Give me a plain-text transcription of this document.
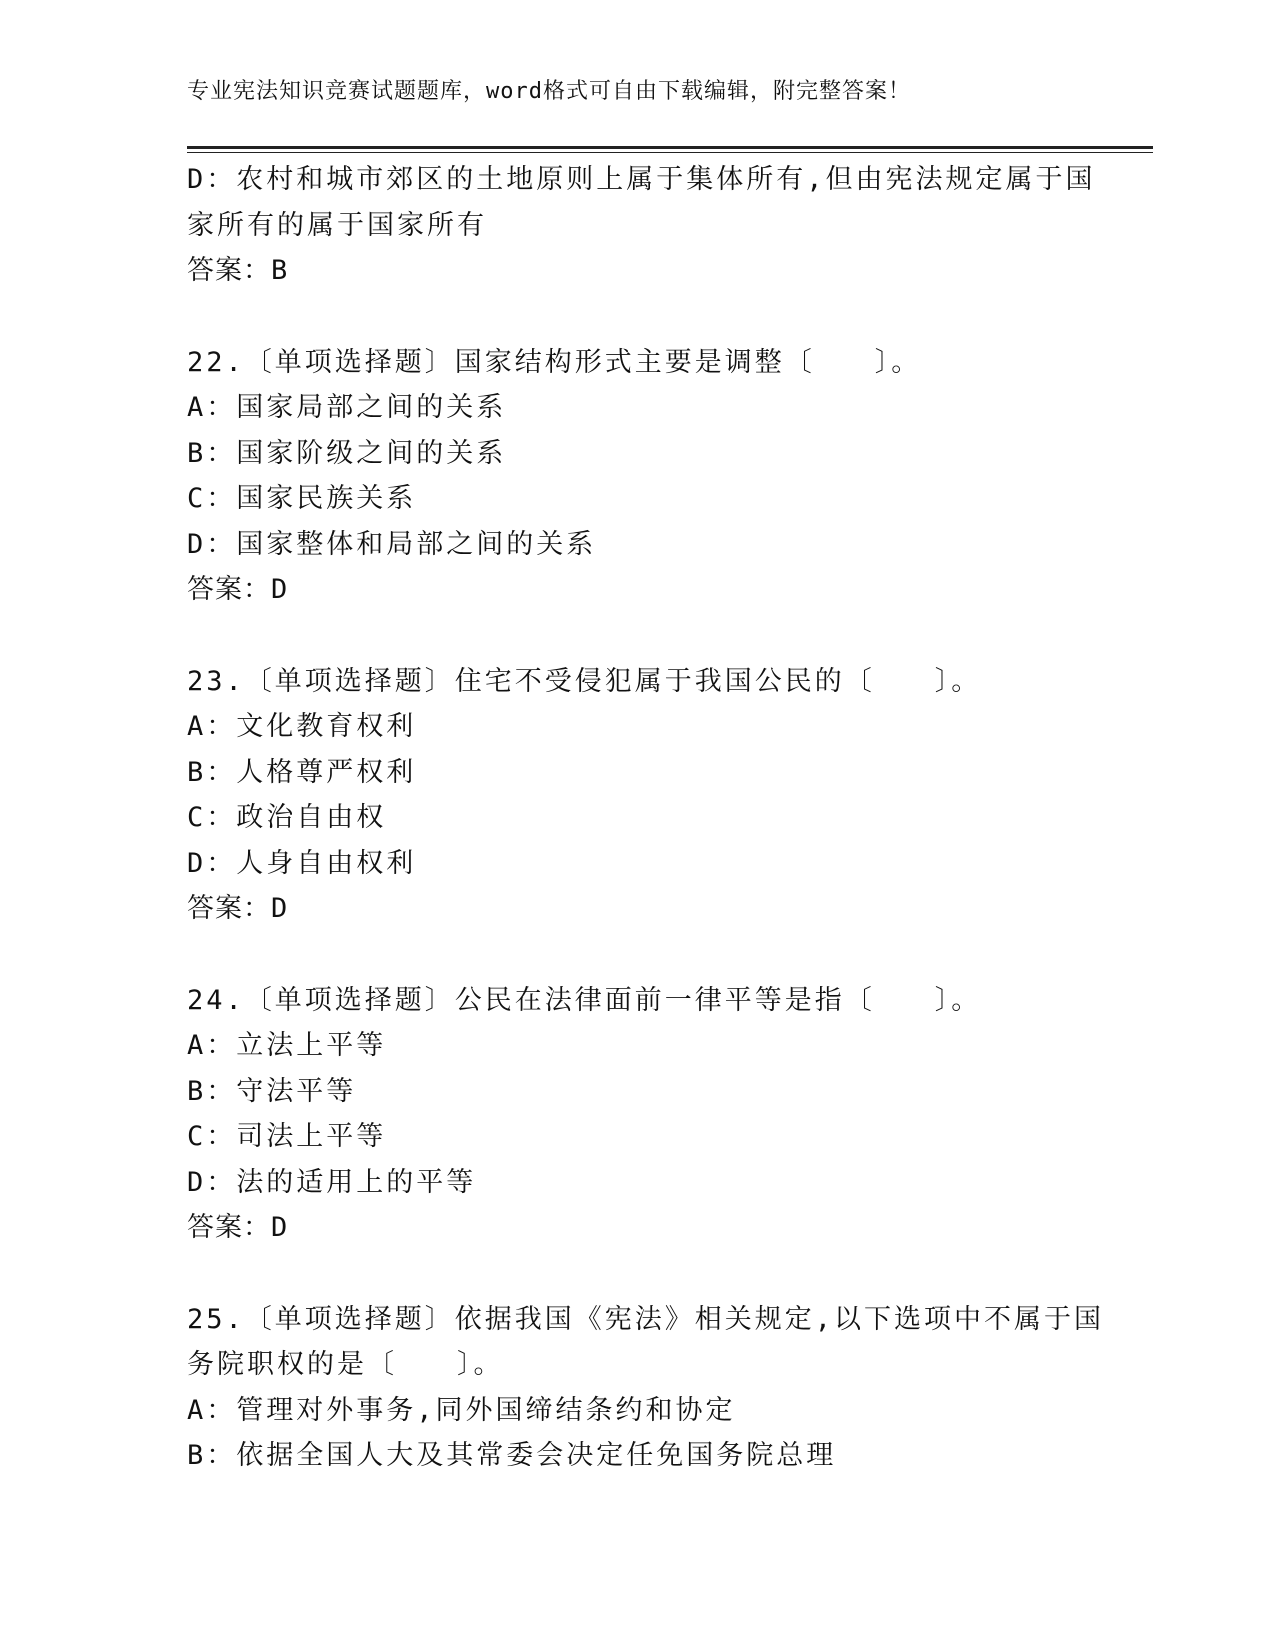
专业宪法知识竞赛试题题库，word格式可自由下载编辑，附完整答案！
D：农村和城市郊区的土地原则上属于集体所有,但由宪法规定属于国
家所有的属于国家所有
答案：B
22.〔单项选择题〕国家结构形式主要是调整〔　　〕。
A：国家局部之间的关系
B：国家阶级之间的关系
C：国家民族关系
D：国家整体和局部之间的关系
答案：D
23.〔单项选择题〕住宅不受侵犯属于我国公民的〔　　〕。
A：文化教育权利
B：人格尊严权利
C：政治自由权
D：人身自由权利
答案：D
24.〔单项选择题〕公民在法律面前一律平等是指〔　　〕。
A：立法上平等
B：守法平等
C：司法上平等
D：法的适用上的平等
答案：D
25.〔单项选择题〕依据我国《宪法》相关规定,以下选项中不属于国
务院职权的是〔　　〕。
A：管理对外事务,同外国缔结条约和协定
B：依据全国人大及其常委会决定任免国务院总理
